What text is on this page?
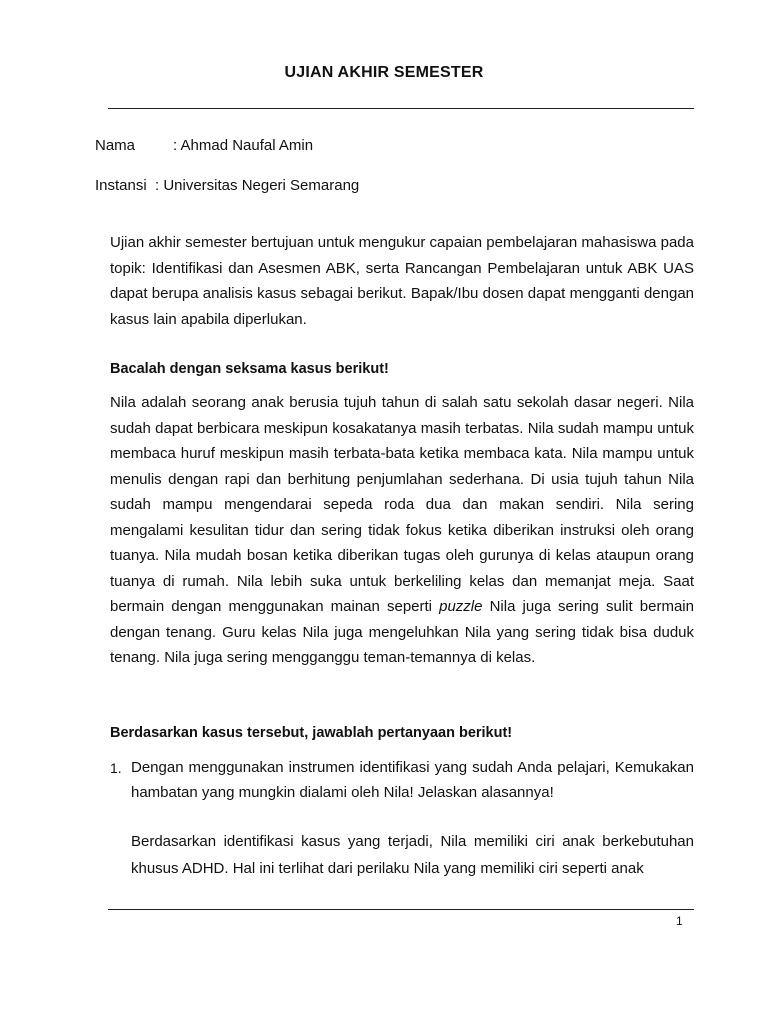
UJIAN AKHIR SEMESTER
Nama	: Ahmad Naufal Amin
Instansi : Universitas Negeri Semarang
Ujian akhir semester bertujuan untuk mengukur capaian pembelajaran mahasiswa pada topik: Identifikasi dan Asesmen ABK, serta Rancangan Pembelajaran untuk ABK UAS dapat berupa analisis kasus sebagai berikut. Bapak/Ibu dosen dapat mengganti dengan kasus lain apabila diperlukan.
Bacalah dengan seksama kasus berikut!
Nila adalah seorang anak berusia tujuh tahun di salah satu sekolah dasar negeri. Nila sudah dapat berbicara meskipun kosakatanya masih terbatas. Nila sudah mampu untuk membaca huruf meskipun masih terbata-bata ketika membaca kata. Nila mampu untuk menulis dengan rapi dan berhitung penjumlahan sederhana. Di usia tujuh tahun Nila sudah mampu mengendarai sepeda roda dua dan makan sendiri. Nila sering mengalami kesulitan tidur dan sering tidak fokus ketika diberikan instruksi oleh orang tuanya. Nila mudah bosan ketika diberikan tugas oleh gurunya di kelas ataupun orang tuanya di rumah. Nila lebih suka untuk berkeliling kelas dan memanjat meja. Saat bermain dengan menggunakan mainan seperti puzzle Nila juga sering sulit bermain dengan tenang. Guru kelas Nila juga mengeluhkan Nila yang sering tidak bisa duduk tenang. Nila juga sering mengganggu teman-temannya di kelas.
Berdasarkan kasus tersebut, jawablah pertanyaan berikut!
1. Dengan menggunakan instrumen identifikasi yang sudah Anda pelajari, Kemukakan hambatan yang mungkin dialami oleh Nila! Jelaskan alasannya!
Berdasarkan identifikasi kasus yang terjadi, Nila memiliki ciri anak berkebutuhan khusus ADHD. Hal ini terlihat dari perilaku Nila yang memiliki ciri seperti anak
1
